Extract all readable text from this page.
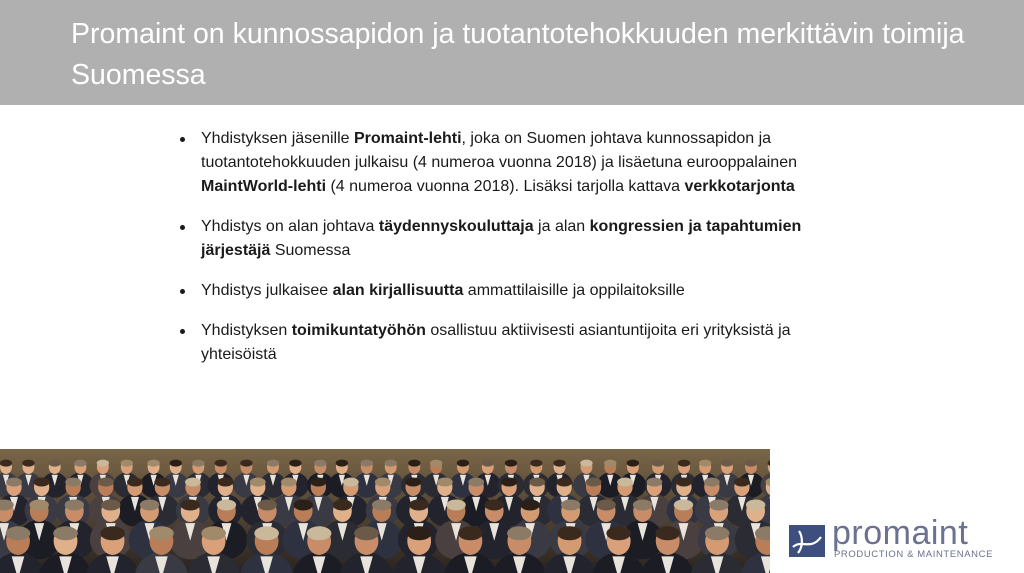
Promaint on kunnossapidon ja tuotantotehokkuuden merkittävin toimija Suomessa
Yhdistyksen jäsenille Promaint-lehti, joka on Suomen johtava kunnossapidon ja tuotantotehokkuuden julkaisu (4 numeroa vuonna 2018) ja lisäetuna eurooppalainen MaintWorld-lehti (4 numeroa vuonna 2018). Lisäksi tarjolla kattava verkkotarjonta
Yhdistys on alan johtava täydennyskouluttaja ja alan kongressien ja tapahtumien järjestäjä Suomessa
Yhdistys julkaisee alan kirjallisuutta ammattilaisille ja oppilaitoksille
Yhdistyksen toimikuntatyöhön osallistuu aktiivisesti asiantuntijoita eri yrityksistä ja yhteisöistä
promaint
PRODUCTION & MAINTENANCE
